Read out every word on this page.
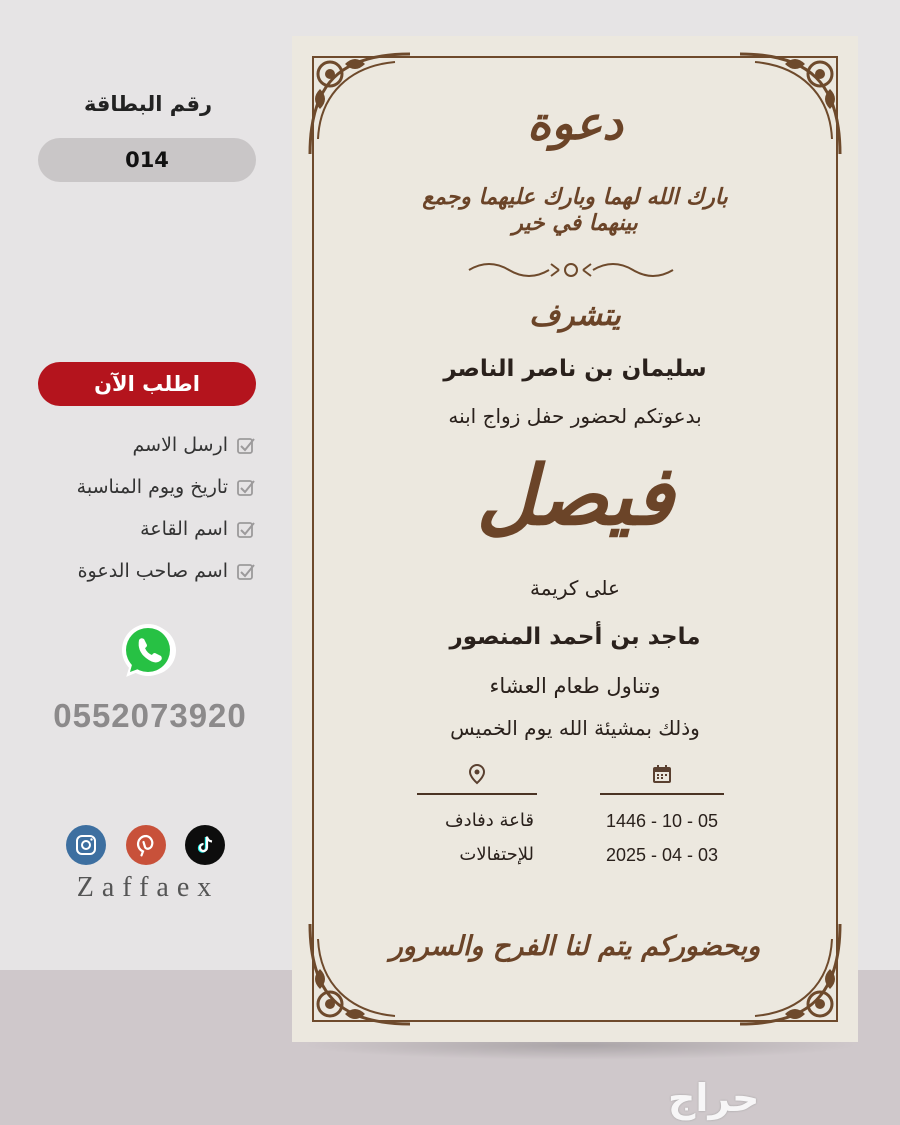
رقم البطاقة
014
اطلب الآن
ارسل الاسم
تاريخ ويوم المناسبة
اسم القاعة
اسم صاحب الدعوة
0552073920
Zaffaex
دعوة
بارك الله لهما وبارك عليهما وجمع بينهما في خير
يتشرف
سليمان بن ناصر الناصر
بدعوتكم لحضور حفل زواج ابنه
فيصل
على كريمة
ماجد بن أحمد المنصور
وتناول طعام العشاء
وذلك بمشيئة الله يوم الخميس
قاعة دفادف
للإحتفالات
1446 - 10 - 05
2025 - 04 - 03
وبحضوركم يتم لنا الفرح والسرور
حراج
